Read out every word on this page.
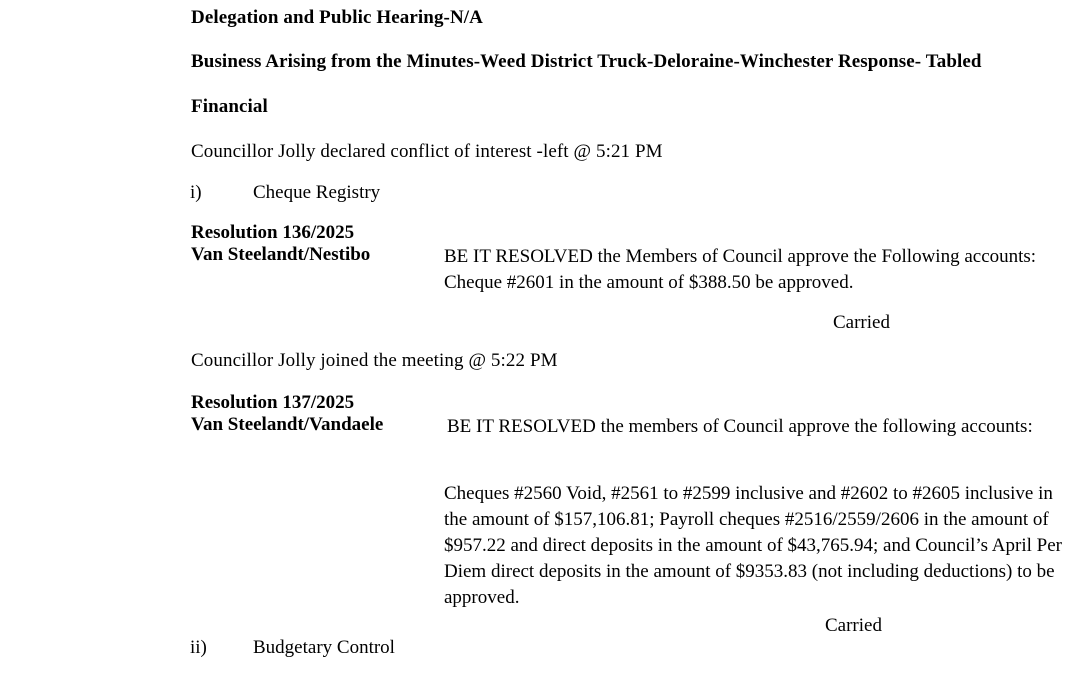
Delegation and Public Hearing-N/A
Business Arising from the Minutes-Weed District Truck-Deloraine-Winchester Response- Tabled
Financial
Councillor Jolly declared conflict of interest -left @ 5:21 PM
i)	Cheque Registry
Resolution 136/2025
Van Steelandt/Nestibo	BE IT RESOLVED the Members of Council approve the Following accounts: Cheque #2601 in the amount of $388.50 be approved.
Carried
Councillor Jolly joined the meeting @ 5:22 PM
Resolution 137/2025
Van Steelandt/Vandaele	BE IT RESOLVED the members of Council approve the following accounts:
Cheques #2560 Void, #2561 to #2599 inclusive and #2602 to #2605 inclusive in the amount of $157,106.81; Payroll cheques #2516/2559/2606 in the amount of $957.22 and direct deposits in the amount of $43,765.94; and Council’s April Per Diem direct deposits in the amount of $9353.83 (not including deductions) to be approved.
Carried
ii)	Budgetary Control
